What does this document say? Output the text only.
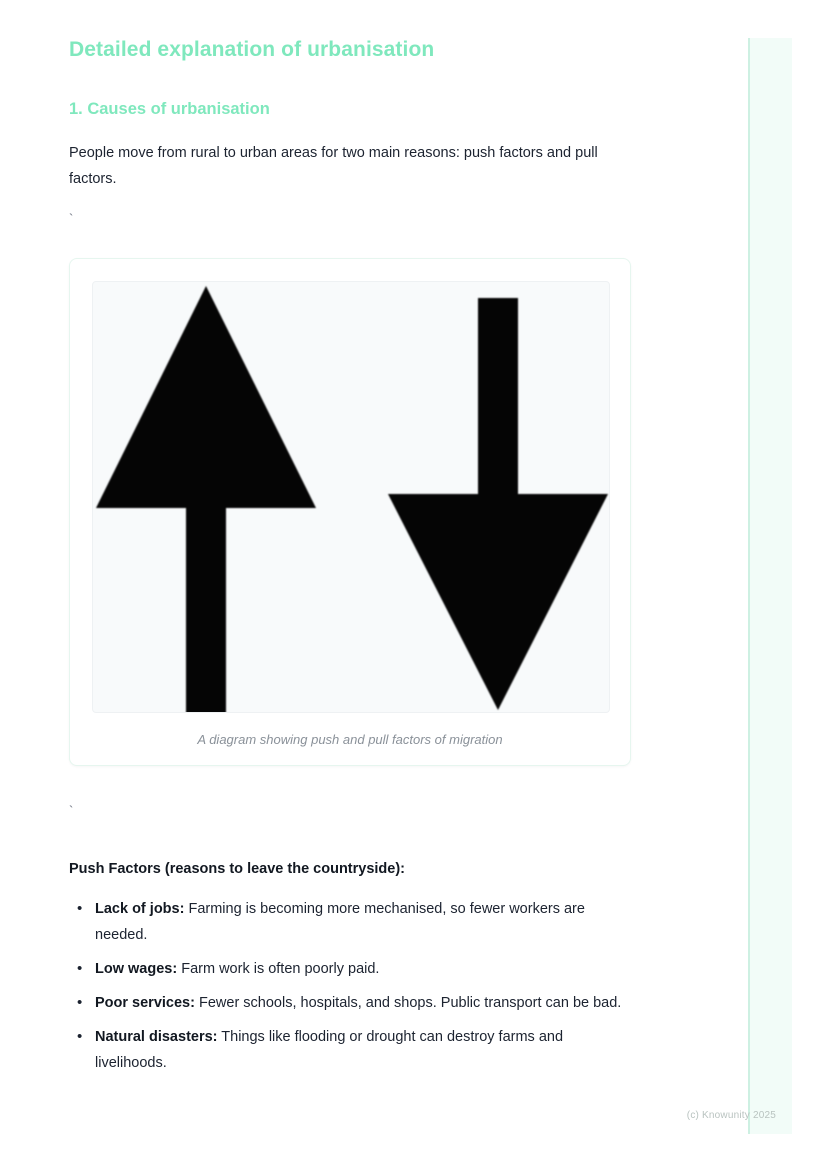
(c) Knowunity 2025
Detailed explanation of urbanisation
1. Causes of urbanisation

People move from rural to urban areas for two main reasons: push factors and pull factors.

`

A diagram showing push and pull factors of migration

`

Push Factors (reasons to leave the countryside):
• Lack of jobs: Farming is becoming more mechanised, so fewer workers are needed.
• Low wages: Farm work is often poorly paid.
• Poor services: Fewer schools, hospitals, and shops. Public transport can be bad.
• Natural disasters: Things like flooding or drought can destroy farms and livelihoods.
